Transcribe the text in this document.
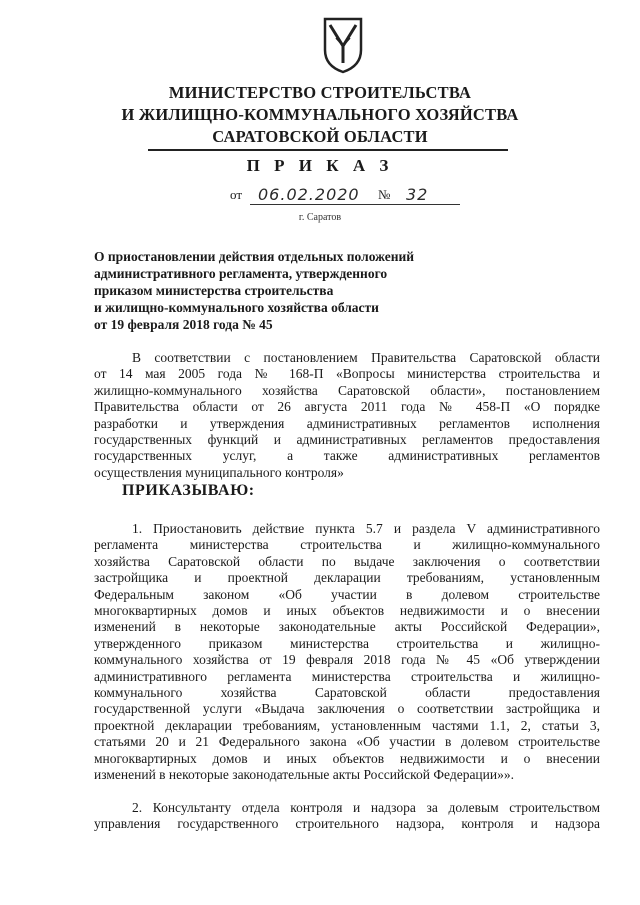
МИНИСТЕРСТВО СТРОИТЕЛЬСТВА
И ЖИЛИЩНО-КОММУНАЛЬНОГО ХОЗЯЙСТВА
САРАТОВСКОЙ ОБЛАСТИ
П Р И К А З
от 06.02.2020 № 32
г. Саратов
О приостановлении действия отдельных положений
административного регламента, утвержденного
приказом министерства строительства
и жилищно-коммунального хозяйства области
от 19 февраля 2018 года № 45
В соответствии с постановлением Правительства Саратовской области
от 14 мая 2005 года № 168-П «Вопросы министерства строительства и
жилищно-коммунального хозяйства Саратовской области», постановлением
Правительства области от 26 августа 2011 года № 458-П «О порядке
разработки и утверждения административных регламентов исполнения
государственных функций и административных регламентов предоставления
государственных услуг, а также административных регламентов
осуществления муниципального контроля»
ПРИКАЗЫВАЮ:
1. Приостановить действие пункта 5.7 и раздела V административного
регламента министерства строительства и жилищно-коммунального
хозяйства Саратовской области по выдаче заключения о соответствии
застройщика и проектной декларации требованиям, установленным
Федеральным законом «Об участии в долевом строительстве
многоквартирных домов и иных объектов недвижимости и о внесении
изменений в некоторые законодательные акты Российской Федерации»,
утвержденного приказом министерства строительства и жилищно-
коммунального хозяйства от 19 февраля 2018 года № 45 «Об утверждении
административного регламента министерства строительства и жилищно-
коммунального хозяйства Саратовской области предоставления
государственной услуги «Выдача заключения о соответствии застройщика и
проектной декларации требованиям, установленным частями 1.1, 2, статьи 3,
статьями 20 и 21 Федерального закона «Об участии в долевом строительстве
многоквартирных домов и иных объектов недвижимости и о внесении
изменений в некоторые законодательные акты Российской Федерации»».
2. Консультанту отдела контроля и надзора за долевым строительством
управления государственного строительного надзора, контроля и надзора
